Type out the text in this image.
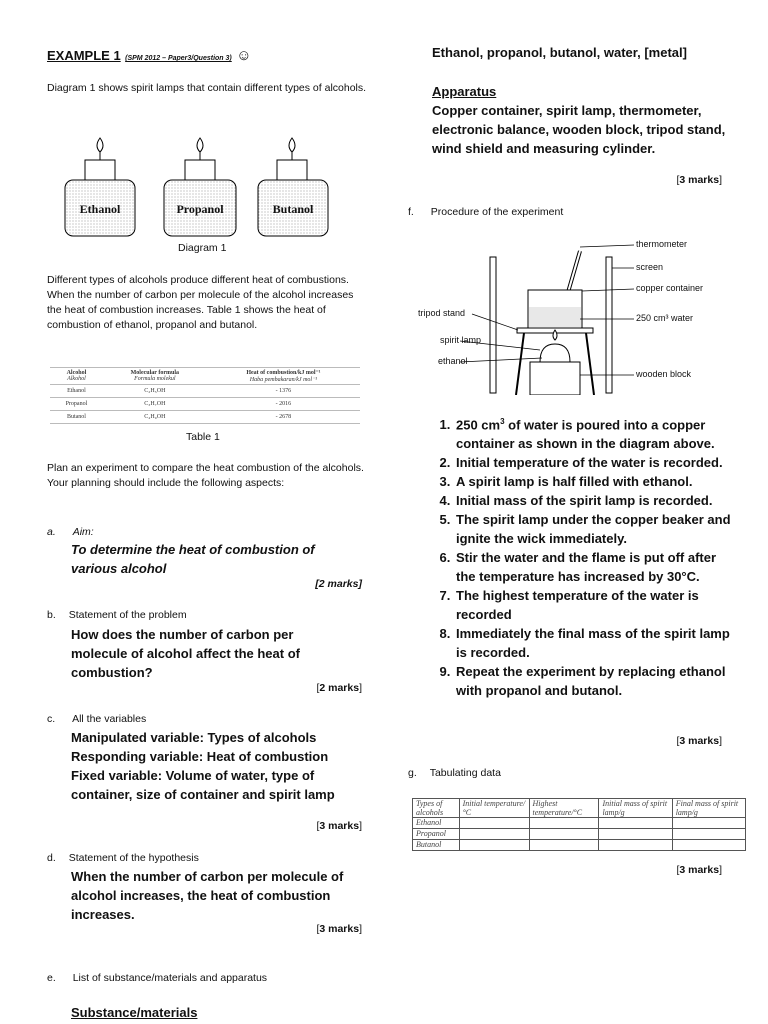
EXAMPLE 1 (SPM 2012 – Paper3/Question 3) ☺
Diagram 1 shows spirit lamps that contain different types of alcohols.
Ethanol	Propanol	Butanol
Diagram 1
Different types of alcohols produce different heat of combustions. When the number of carbon per molecule of the alcohol increases the heat of combustion increases. Table 1 shows the heat of combustion of ethanol, propanol and butanol.
Alcohol
Alkohol	Molecular formula
Formula molekul	Heat of combustion/kJ mol⁻¹
Haba pembakaran/kJ mol⁻¹
Ethanol	C₂H₅OH	- 1376
Propanol	C₃H₇OH	- 2016
Butanol	C₄H₉OH	- 2678
Table 1
Plan an experiment to compare the heat combustion of the alcohols.
Your planning should include the following aspects:
a. Aim:
To determine the heat of combustion of various alcohol
[2 marks]
b. Statement of the problem
How does the number of carbon per molecule of alcohol affect the heat of combustion?
[2 marks]
c. All the variables
Manipulated variable: Types of alcohols
Responding variable: Heat of combustion
Fixed variable: Volume of water, type of container, size of container and spirit lamp
[3 marks]
d. Statement of the hypothesis
When the number of carbon per molecule of alcohol increases, the heat of combustion increases.
[3 marks]
e. List of substance/materials and apparatus
Substance/materials
Ethanol, propanol, butanol, water, [metal]
Apparatus
Copper container, spirit lamp, thermometer, electronic balance, wooden block, tripod stand, wind shield and measuring cylinder.
[3 marks]
f. Procedure of the experiment
thermometer
screen
copper container
250 cm³ water
tripod stand
spirit lamp
ethanol
wooden block
1. 250 $cm^3$ of water is poured into a copper container as shown in the diagram above.
2. Initial temperature of the water is recorded.
3. A spirit lamp is half filled with ethanol.
4. Initial mass of the spirit lamp is recorded.
5. The spirit lamp under the copper beaker and ignite the wick immediately.
6. Stir the water and the flame is put off after the temperature has increased by 30°C.
7. The highest temperature of the water is recorded
8. Immediately the final mass of the spirit lamp is recorded.
9. Repeat the experiment by replacing ethanol with propanol and butanol.
[3 marks]
g. Tabulating data
Types of alcohols	Initial temperature/°C	Highest temperature/°C	Initial mass of spirit lamp/g	Final mass of spirit lamp/g
Ethanol				
Propanol				
Butanol				
[3 marks]
